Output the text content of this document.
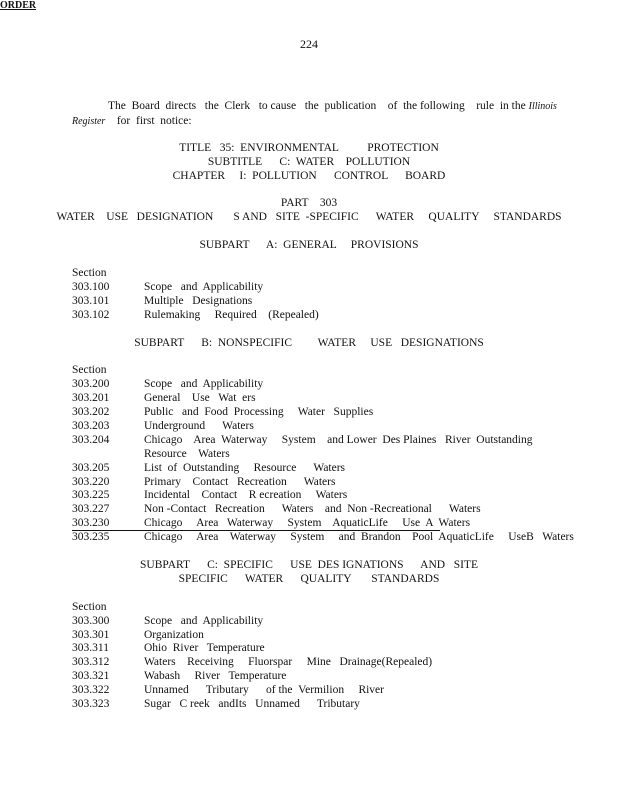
224
ORDER
The  Board  directs   the  Clerk   to cause   the  publication    of  the following    rule  in the Illinois
Register    for  first  notice:
TITLE   35:  ENVIRONMENTAL          PROTECTION
SUBTITLE      C:  WATER    POLLUTION
CHAPTER     I:  POLLUTION      CONTROL      BOARD
PART    303
WATER    USE   DESIGNATION       S AND   SITE  -SPECIFIC      WATER     QUALITY     STANDARDS
SUBPART      A:  GENERAL     PROVISIONS
Section
303.100	Scope   and  Applicability
303.101	Multiple   Designations
303.102	Rulemaking     Required    (Repealed)
SUBPART      B:  NONSPECIFIC         WATER     USE   DESIGNATIONS
Section
303.200	Scope   and  Applicability
303.201	General    Use   Wat  ers
303.202	Public   and  Food  Processing     Water   Supplies
303.203	Underground      Waters
303.204	Chicago    Area  Waterway     System    and Lower  Des Plaines   River  Outstanding
Resource    Waters
303.205	List  of  Outstanding     Resource      Waters
303.220	Primary    Contact   Recreation      Waters
303.225	Incidental    Contact    R ecreation     Waters
303.227	Non -Contact   Recreation      Waters    and  Non -Recreational      Waters
303.230	Chicago     Area   Waterway     System    AquaticLife     Use  A  Waters
303.235	Chicago     Area    Waterway     System     and  Brandon    Pool  AquaticLife     UseB   Waters
SUBPART      C:  SPECIFIC      USE  DES IGNATIONS      AND   SITE
SPECIFIC      WATER      QUALITY       STANDARDS
Section
303.300	Scope   and  Applicability
303.301	Organization
303.311	Ohio  River   Temperature
303.312	Waters    Receiving     Fluorspar     Mine   Drainage(Repealed)
303.321	Wabash     River   Temperature
303.322	Unnamed      Tributary      of the  Vermilion     River
303.323	Sugar   C reek   andIts   Unnamed      Tributary
